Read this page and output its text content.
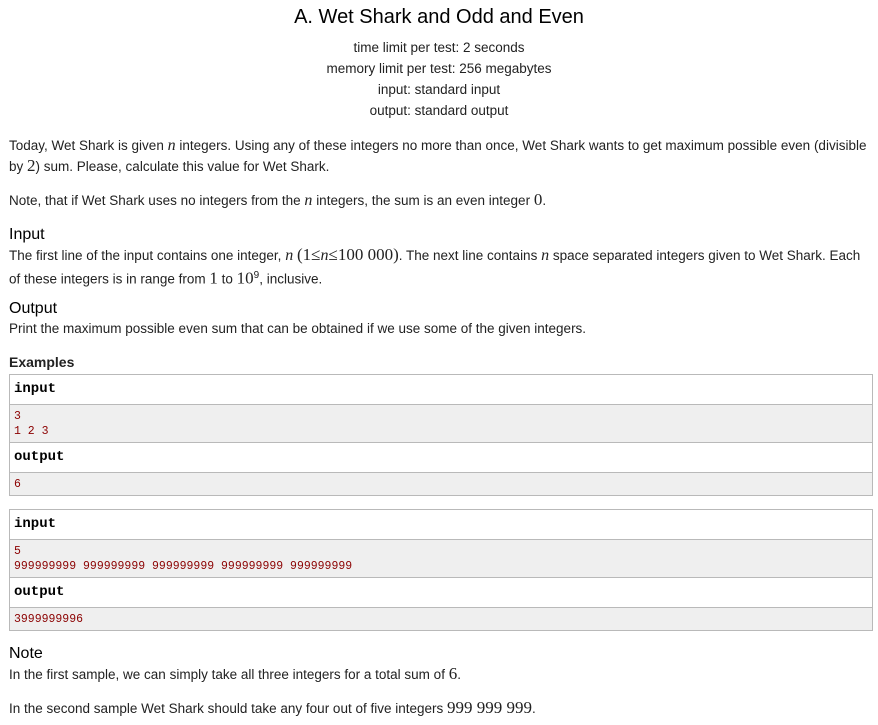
A. Wet Shark and Odd and Even
time limit per test: 2 seconds
memory limit per test: 256 megabytes
input: standard input
output: standard output
Today, Wet Shark is given n integers. Using any of these integers no more than once, Wet Shark wants to get maximum possible even (divisible by 2) sum. Please, calculate this value for Wet Shark.
Note, that if Wet Shark uses no integers from the n integers, the sum is an even integer 0.
Input
The first line of the input contains one integer, n (1≤n≤100 000). The next line contains n space separated integers given to Wet Shark. Each of these integers is in range from 1 to $10^9$, inclusive.
Output
Print the maximum possible even sum that can be obtained if we use some of the given integers.
Examples
input
3
1 2 3
output
6
input
5
999999999 999999999 999999999 999999999 999999999
output
3999999996
Note
In the first sample, we can simply take all three integers for a total sum of 6.
In the second sample Wet Shark should take any four out of five integers 999 999 999.
